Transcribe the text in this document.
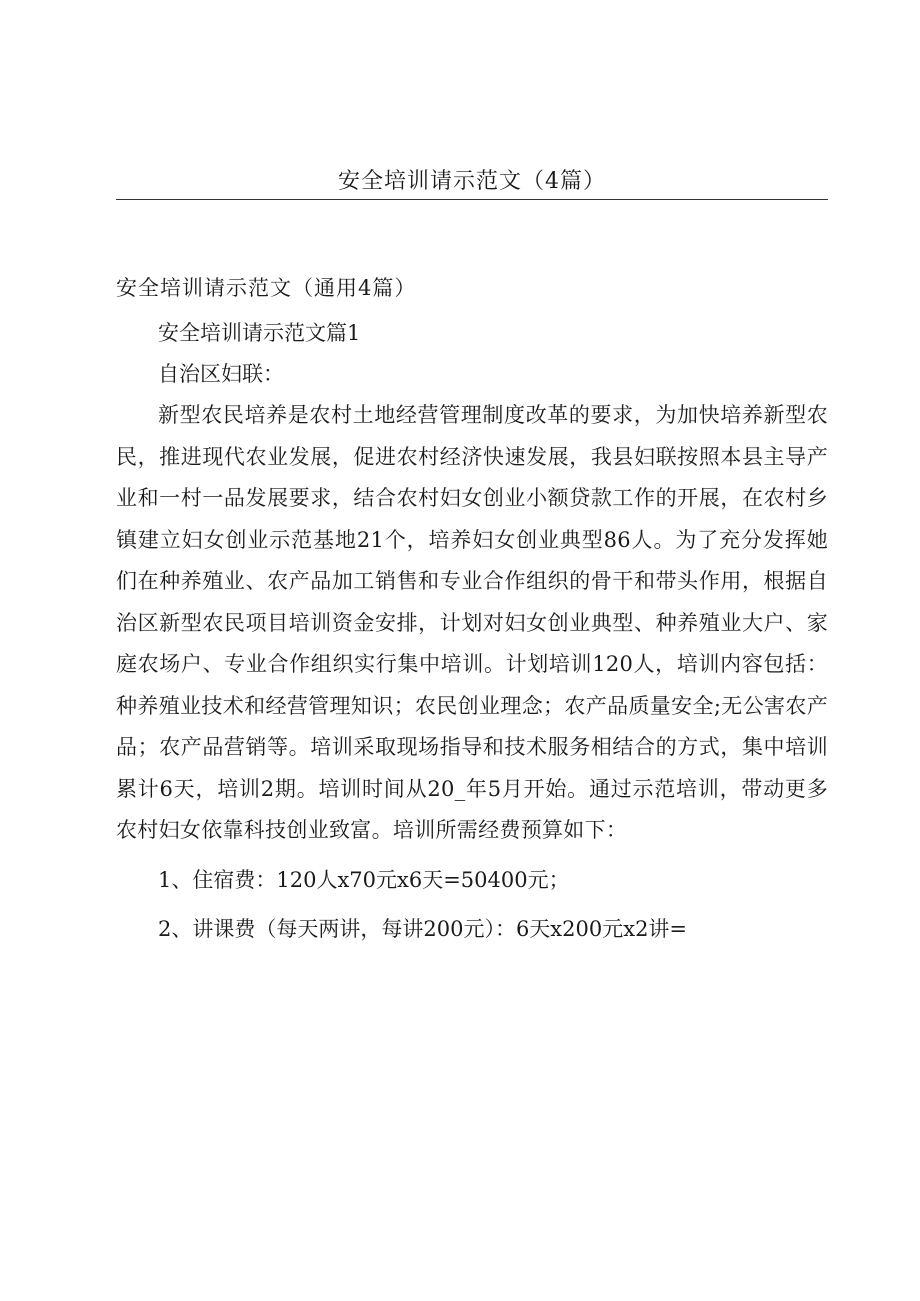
安全培训请示范文（4篇）

安全培训请示范文（通用4篇）

安全培训请示范文篇1

自治区妇联：

新型农民培养是农村土地经营管理制度改革的要求，为加快培养新型农民，推进现代农业发展，促进农村经济快速发展，我县妇联按照本县主导产业和一村一品发展要求，结合农村妇女创业小额贷款工作的开展，在农村乡镇建立妇女创业示范基地21个，培养妇女创业典型86人。为了充分发挥她们在种养殖业、农产品加工销售和专业合作组织的骨干和带头作用，根据自治区新型农民项目培训资金安排，计划对妇女创业典型、种养殖业大户、家庭农场户、专业合作组织实行集中培训。计划培训120人，培训内容包括：种养殖业技术和经营管理知识；农民创业理念；农产品质量安全;无公害农产品；农产品营销等。培训采取现场指导和技术服务相结合的方式，集中培训累计6天，培训2期。培训时间从20_年5月开始。通过示范培训，带动更多农村妇女依靠科技创业致富。培训所需经费预算如下：

1、住宿费：120人x70元x6天=50400元；

2、讲课费（每天两讲，每讲200元）：6天x200元x2讲=
